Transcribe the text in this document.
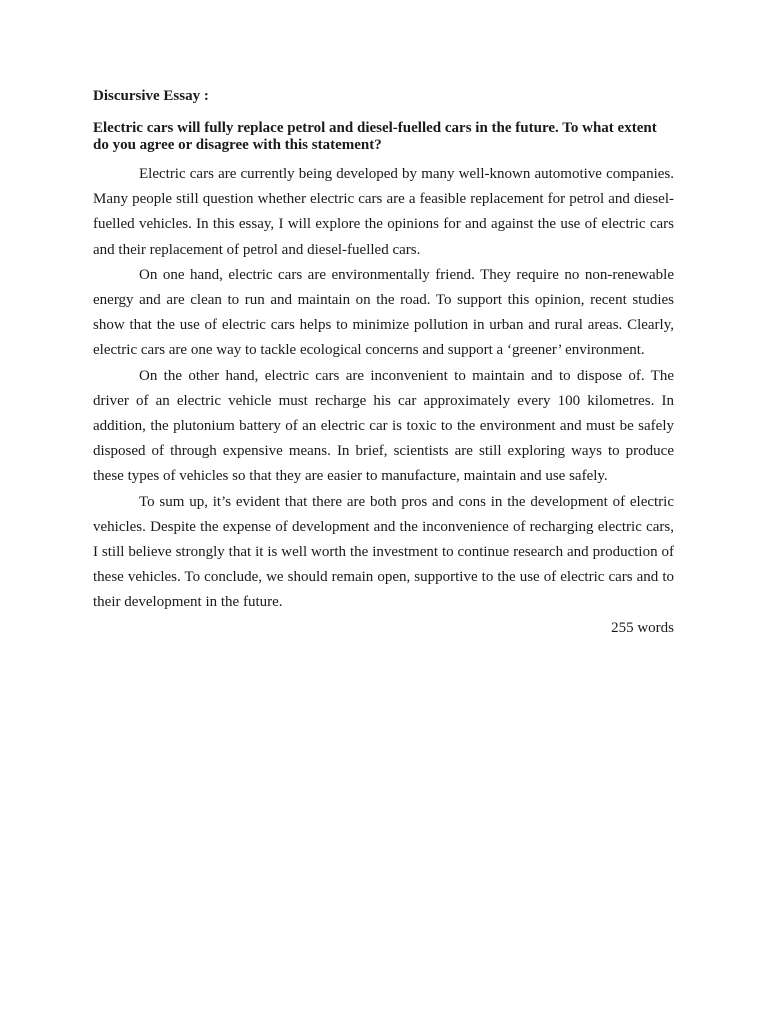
Discursive Essay :

Electric cars will fully replace petrol and diesel-fuelled cars in the future. To what extent do you agree or disagree with this statement?

Electric cars are currently being developed by many well-known automotive companies. Many people still question whether electric cars are a feasible replacement for petrol and diesel-fuelled vehicles. In this essay, I will explore the opinions for and against the use of electric cars and their replacement of petrol and diesel-fuelled cars.

On one hand, electric cars are environmentally friend. They require no non-renewable energy and are clean to run and maintain on the road. To support this opinion, recent studies show that the use of electric cars helps to minimize pollution in urban and rural areas. Clearly, electric cars are one way to tackle ecological concerns and support a ‘greener’ environment.

On the other hand, electric cars are inconvenient to maintain and to dispose of. The driver of an electric vehicle must recharge his car approximately every 100 kilometres. In addition, the plutonium battery of an electric car is toxic to the environment and must be safely disposed of through expensive means. In brief, scientists are still exploring ways to produce these types of vehicles so that they are easier to manufacture, maintain and use safely.

To sum up, it’s evident that there are both pros and cons in the development of electric vehicles. Despite the expense of development and the inconvenience of recharging electric cars, I still believe strongly that it is well worth the investment to continue research and production of these vehicles. To conclude, we should remain open, supportive to the use of electric cars and to their development in the future.

255 words
